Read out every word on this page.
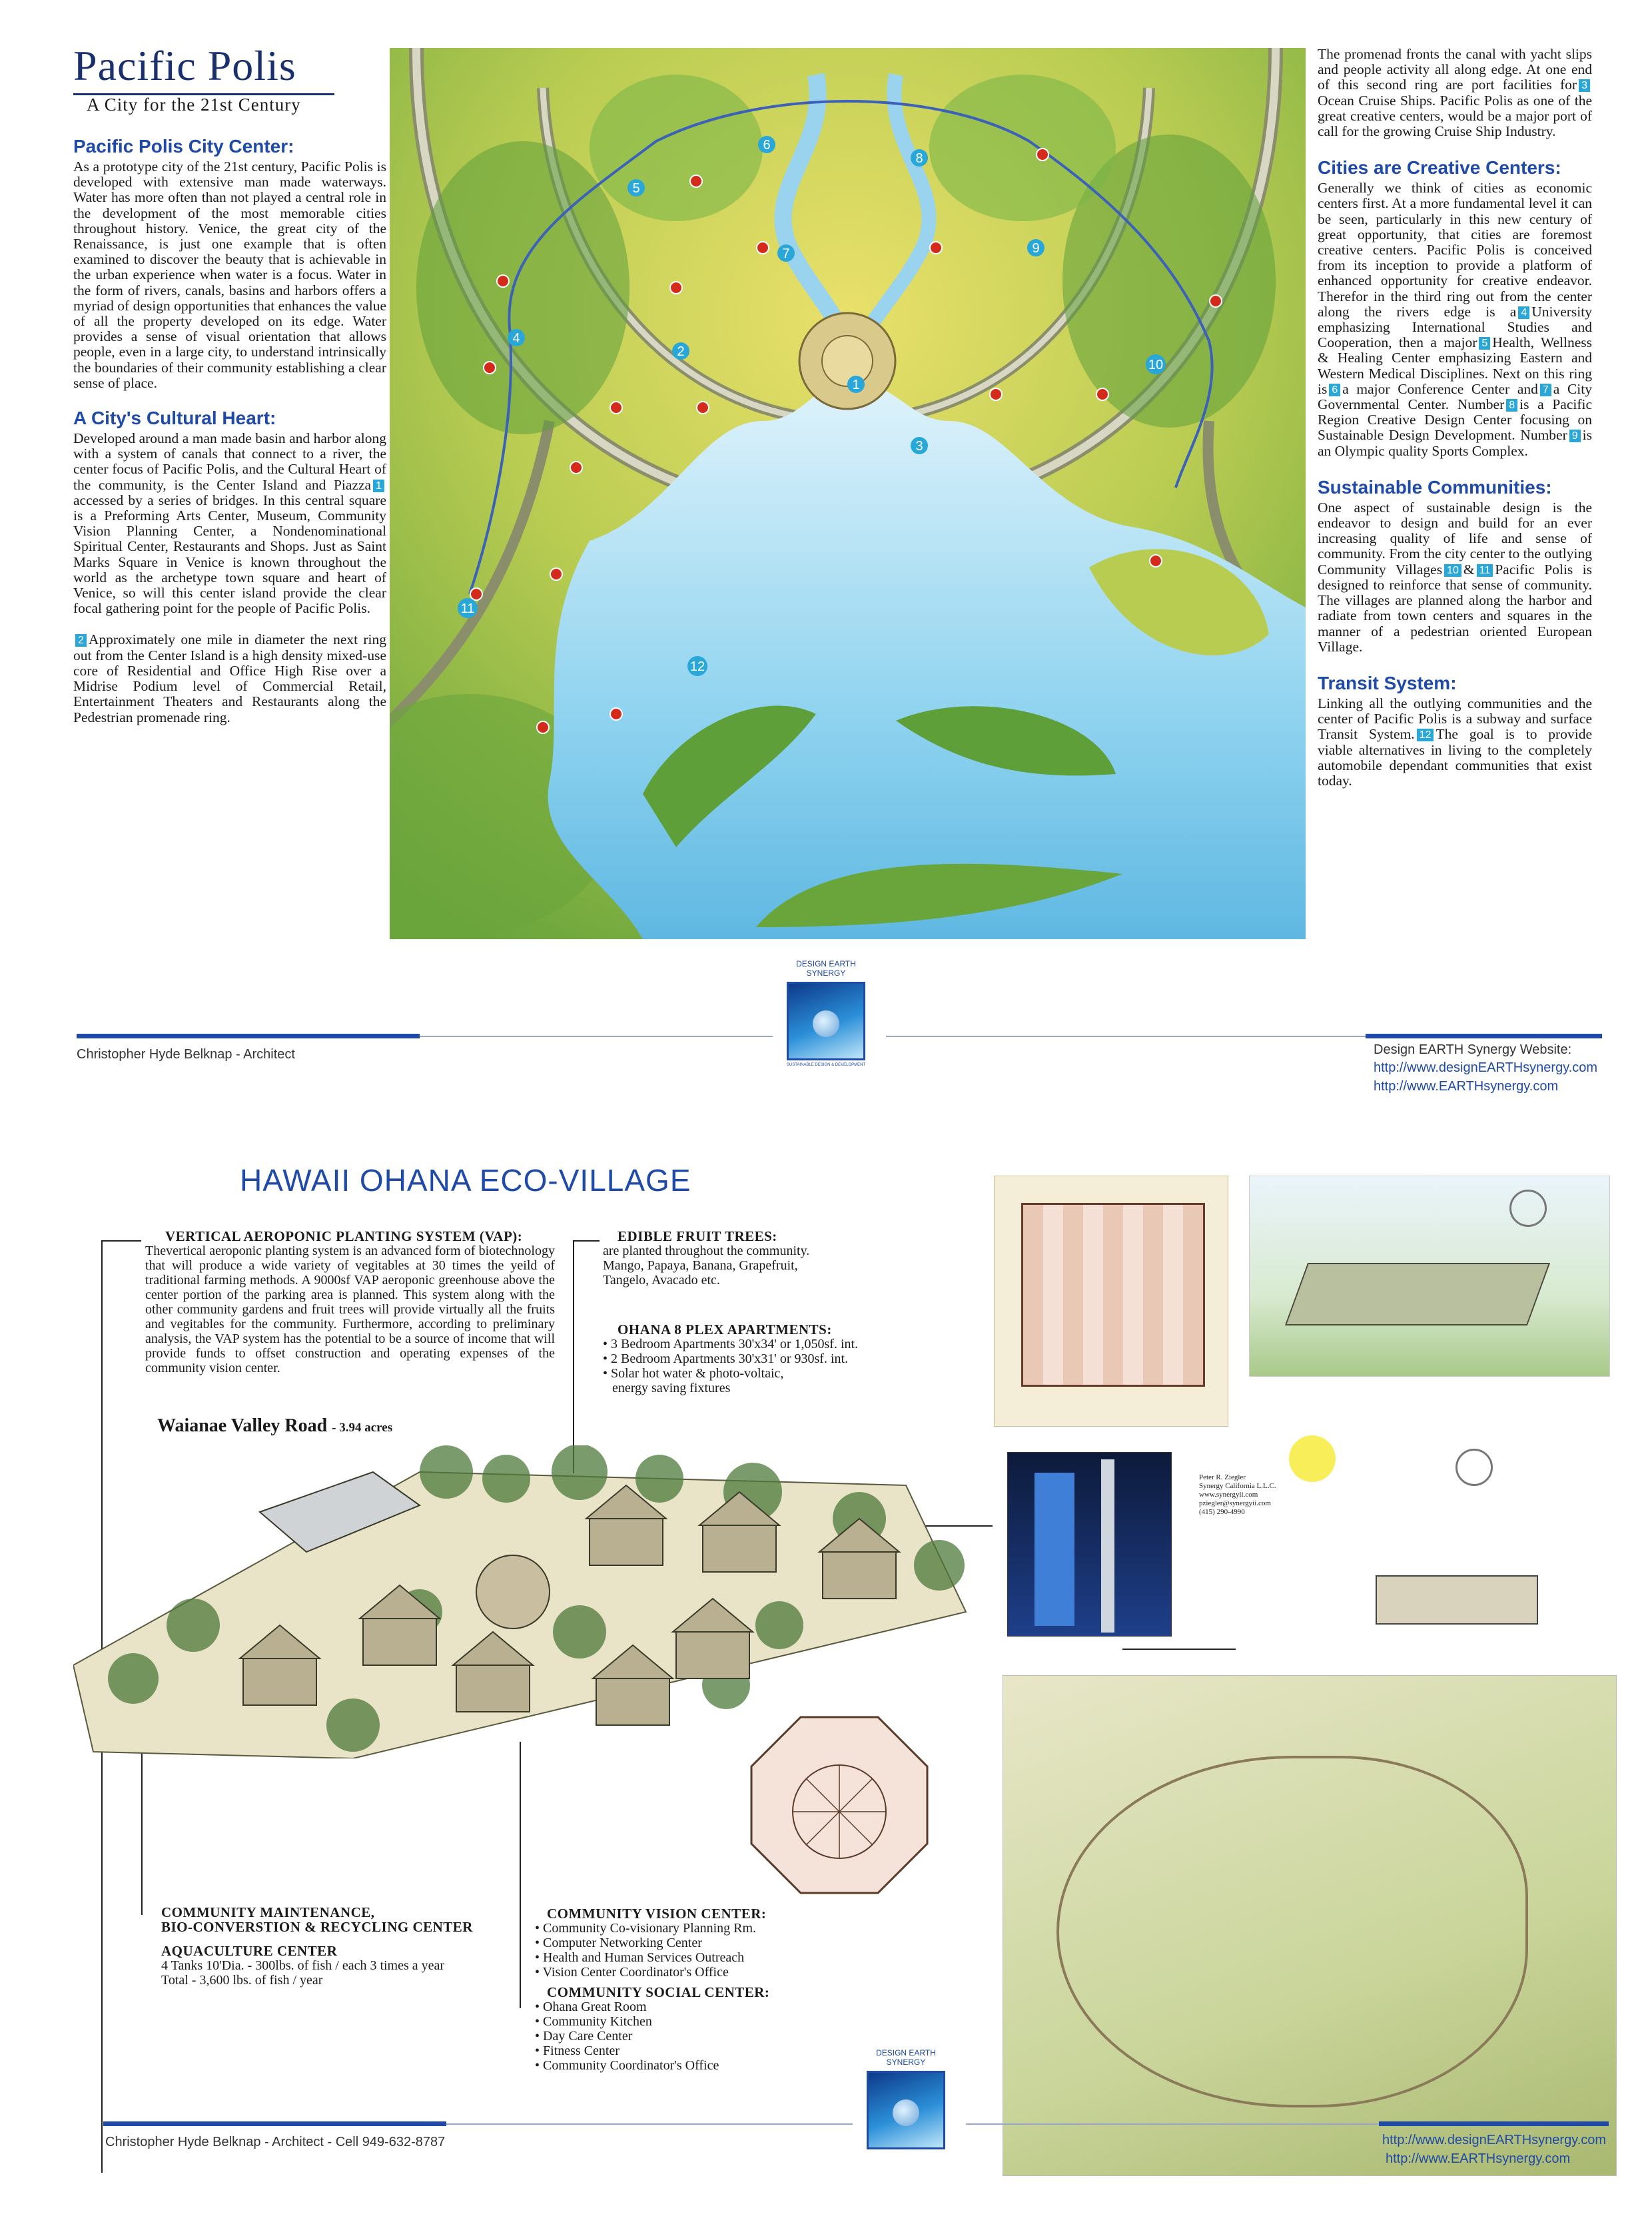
Pacific Polis
A City for the 21st Century
Pacific Polis City Center:

As a prototype city of the 21st century, Pacific Polis is developed with extensive man made waterways. Water has more often than not played a central role in the development of the most memorable cities throughout history. Venice, the great city of the Renaissance, is just one example that is often examined to discover the beauty that is achievable in the urban experience when water is a focus. Water in the form of rivers, canals, basins and harbors offers a myriad of design opportunities that enhances the value of all the property developed on its edge. Water provides a sense of visual orientation that allows people, even in a large city, to understand intrinsically the boundaries of their community establishing a clear sense of place.

A City's Cultural Heart:

Developed around a man made basin and harbor along with a system of canals that connect to a river, the center focus of Pacific Polis, and the Cultural Heart of the community, is the Center Island and Piazza 1accessed by a series of bridges. In this central square is a Preforming Arts Center, Museum, Community Vision Planning Center, a Nondenominational Spiritual Center, Restaurants and Shops. Just as Saint Marks Square in Venice is known throughout the world as the archetype town square and heart of Venice, so will this center island provide the clear focal gathering point for the people of Pacific Polis.

2 Approximately one mile in diameter the next ring out from the Center Island is a high density mixed-use core of Residential and Office High Rise over a Midrise Podium level of Commercial Retail, Entertainment Theaters and Restaurants along the Pedestrian promenade ring.

1
2
3
4
5
6
7
8
9
10
11
12

The promenad fronts the canal with yacht slips and people activity all along edge. At one end of this second ring are port facilities for 3Ocean Cruise Ships. Pacific Polis as one of the great creative centers, would be a major port of call for the growing Cruise Ship Industry.

Cities are Creative Centers:

Generally we think of cities as economic centers first. At a more fundamental level it can be seen, particularly in this new century of great opportunity, that cities are foremost creative centers. Pacific Polis is conceived from its inception to provide a platform of enhanced opportunity for creative endeavor. Therefor in the third ring out from the center along the rivers edge is a 4 University emphasizing International Studies and Cooperation, then a major 5 Health, Wellness & Healing Center emphasizing Eastern and Western Medical Disciplines. Next on this ring is 6 a major Conference Center and 7 a City Governmental Center. Number 8 is a Pacific Region Creative Design Center focusing on Sustainable Design Development. Number 9 is an Olympic quality Sports Complex.

Sustainable Communities:

One aspect of sustainable design is the endeavor to design and build for an ever increasing quality of life and sense of community. From the city center to the outlying Community Villages 10 & 11 Pacific Polis is designed to reinforce that sense of community. The villages are planned along the harbor and radiate from town centers and squares in the manner of a pedestrian oriented European Village.

Transit System:

Linking all the outlying communities and the center of Pacific Polis is a subway and surface Transit System. 12 The goal is to provide viable alternatives in living to the completely automobile dependant communities that exist today.

DESIGN EARTH SYNERGY
SUSTAINABLE DESIGN & DEVELOPMENT
Christopher Hyde Belknap - Architect	Design EARTH Synergy Website:
http://www.designEARTHsynergy.com
http://www.EARTHsynergy.com
HAWAII OHANA ECO-VILLAGE
VERTICAL AEROPONIC PLANTING SYSTEM (VAP):
Thevertical aeroponic planting system is an advanced form of biotechnology that will produce a wide variety of vegitables at 30 times the yeild of traditional farming methods. A 9000sf VAP aeroponic greenhouse above the center portion of the parking area is planned. This system along with the other community gardens and fruit trees will provide virtually all the fruits and vegitables for the community. Furthermore, according to preliminary analysis, the VAP system has the potential to be a source of income that will provide funds to offset construction and operating expenses of the community vision center.
Waianae Valley Road - 3.94 acres
EDIBLE FRUIT TREES:
are planted throughout the community.
Mango, Papaya, Banana, Grapefruit,
Tangelo, Avacado etc.
OHANA 8 PLEX APARTMENTS:
• 3 Bedroom Apartments 30'x34' or 1,050sf. int.
• 2 Bedroom Apartments 30'x31' or 930sf. int.
• Solar hot water & photo-voltaic,
energy saving fixtures
COMMUNITY MAINTENANCE,
BIO-CONVERSTION & RECYCLING CENTER
AQUACULTURE CENTER
4 Tanks 10'Dia. - 300lbs. of fish / each 3 times a year
Total - 3,600 lbs. of fish / year
COMMUNITY VISION CENTER:
• Community Co-visionary Planning Rm.
• Computer Networking Center
• Health and Human Services Outreach
• Vision Center Coordinator's Office
COMMUNITY SOCIAL CENTER:
• Ohana Great Room
• Community Kitchen
• Day Care Center
• Fitness Center
• Community Coordinator's Office
Peter R. Ziegler
Synergy California L.L.C.
www.synergyii.com
pziegler@synergyii.com
(415) 290-4990
DESIGN EARTH SYNERGY
Christopher Hyde Belknap - Architect - Cell 949-632-8787	http://www.designEARTHsynergy.com
http://www.EARTHsynergy.com
